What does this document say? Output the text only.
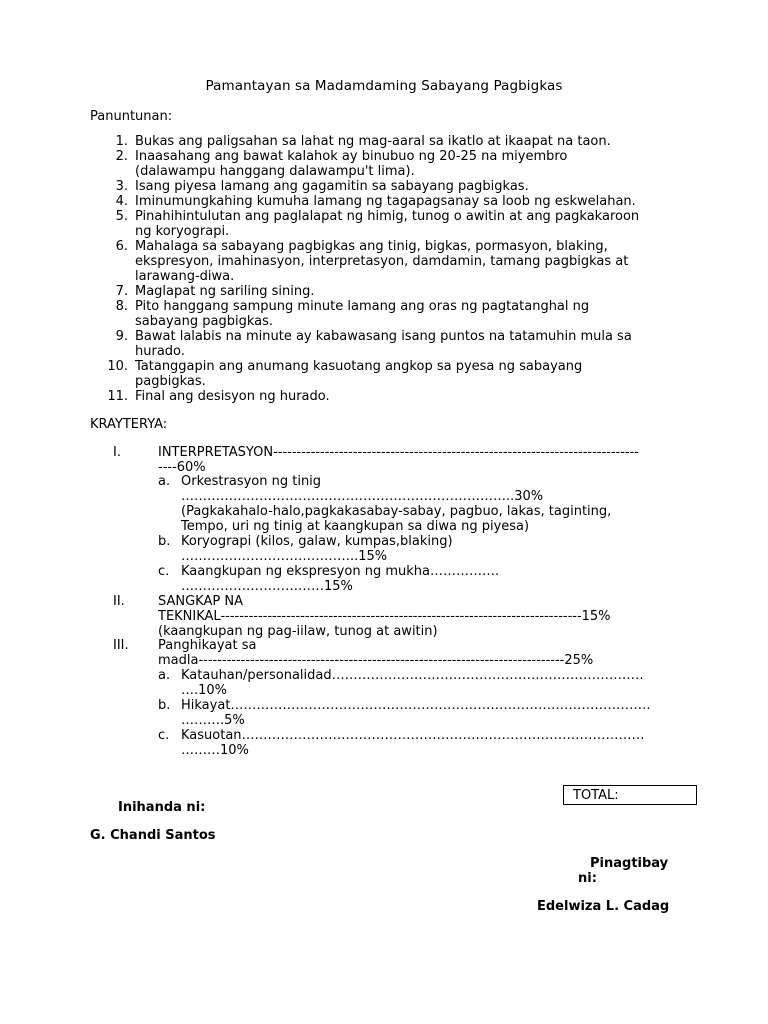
Pamantayan sa Madamdaming Sabayang Pagbigkas
Panuntunan:
1. Bukas ang paligsahan sa lahat ng mag-aaral sa ikatlo at ikaapat na taon.
2. Inaasahang ang bawat kalahok ay binubuo ng 20-25 na miyembro
(dalawampu hanggang dalawampu't lima).
3. Isang piyesa lamang ang gagamitin sa sabayang pagbigkas.
4. Iminumungkahing kumuha lamang ng tagapagsanay sa loob ng eskwelahan.
5. Pinahihintulutan ang paglalapat ng himig, tunog o awitin at ang pagkakaroon
ng koryograpi.
6. Mahalaga sa sabayang pagbigkas ang tinig, bigkas, pormasyon, blaking,
ekspresyon, imahinasyon, interpretasyon, damdamin, tamang pagbigkas at
larawang-diwa.
7. Maglapat ng sariling sining.
8. Pito hanggang sampung minute lamang ang oras ng pagtatanghal ng
sabayang pagbigkas.
9. Bawat lalabis na minute ay kabawasang isang puntos na tatamuhin mula sa
hurado.
10. Tatanggapin ang anumang kasuotang angkop sa pyesa ng sabayang
pagbigkas.
11. Final ang desisyon ng hurado.
KRAYTERYA:
I.	INTERPRETASYON------------------------------------------------------------------------------
----60%
a. Orkestrasyon ng tinig
…………………………………………………………………..30%
(Pagkakahalo-halo,pagkakasabay-sabay, pagbuo, lakas, taginting,
Tempo, uri ng tinig at kaangkupan sa diwa ng piyesa)
b. Koryograpi (kilos, galaw, kumpas,blaking)
…………………………………..15%
c. Kaangkupan ng ekspresyon ng mukha…………….
……………………………15%
II.	SANGKAP NA
TEKNIKAL-----------------------------------------------------------------------------15%
(kaangkupan ng pag-iilaw, tunog at awitin)
III. Panghikayat sa
madla------------------------------------------------------------------------------25%
a. Katauhan/personalidad………………………………………………………………
….10%
b. Hikayat…………………………………………………………………………………….
……….5%
c. Kasuotan…………………………………………………………………………………
………10%
TOTAL:
Inihanda ni:
G. Chandi Santos
Pinagtibay
ni:
Edelwiza L. Cadag
